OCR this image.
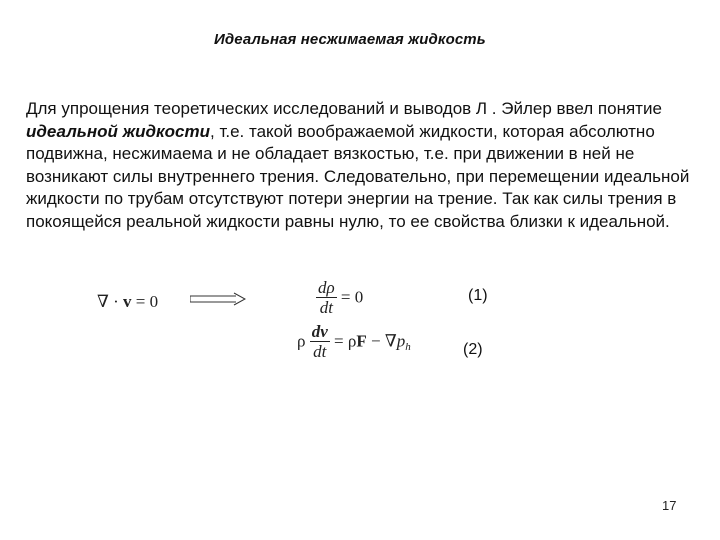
Идеальная несжимаемая жидкость
Для упрощения теоретических исследований и выводов Л . Эйлер ввел понятие идеальной жидкости, т.е. такой воображаемой жидкости, которая абсолютно подвижна, несжимаема и не обладает вязкостью, т.е. при движении в ней не возникают силы внутреннего трения. Следовательно, при перемещении идеальной жидкости по трубам отсутствуют потери энергии на трение. Так как силы трения в покоящейся реальной жидкости равны нулю, то ее свойства близки к идеальной.
∇ · v = 0	$\frac{d\rho}{dt} = 0$	(1)
ρ $\frac{dv}{dt} = \rho F - \nabla p_h$	(2)
17
